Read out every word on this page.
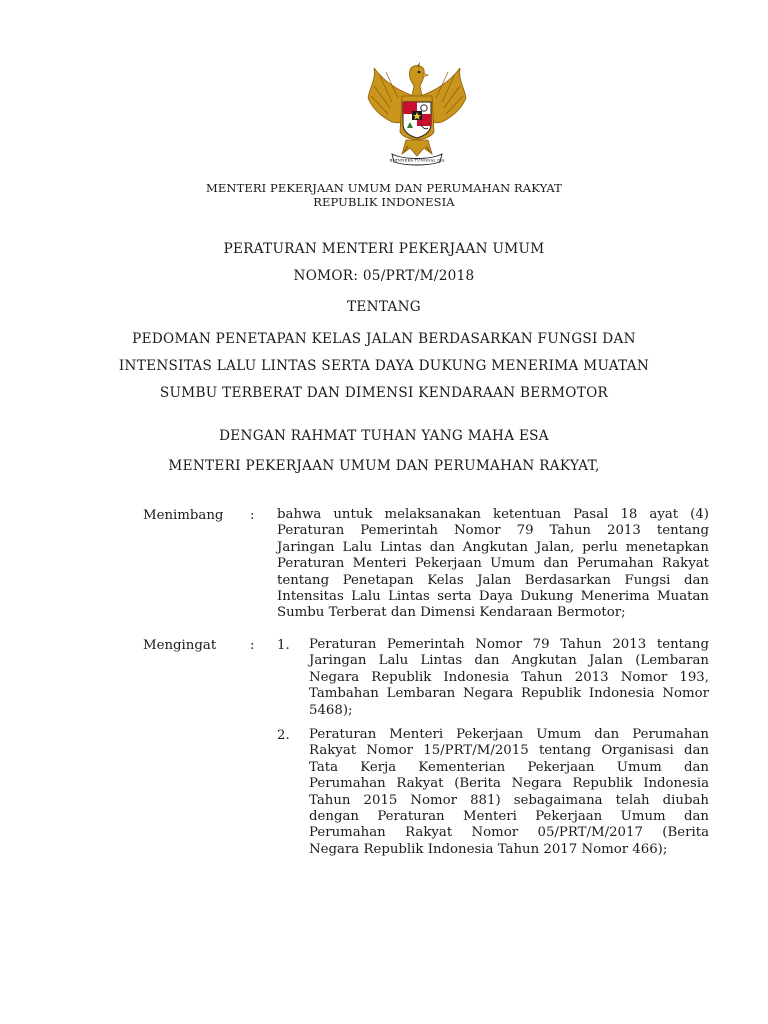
BHINNEKA TUNGGAL IKA
MENTERI PEKERJAAN UMUM DAN PERUMAHAN RAKYAT
REPUBLIK INDONESIA
PERATURAN MENTERI PEKERJAAN UMUM
NOMOR: 05/PRT/M/2018
TENTANG
PEDOMAN PENETAPAN KELAS JALAN BERDASARKAN FUNGSI DAN
INTENSITAS LALU LINTAS SERTA DAYA DUKUNG MENERIMA MUATAN
SUMBU TERBERAT DAN DIMENSI KENDARAAN BERMOTOR
DENGAN RAHMAT TUHAN YANG MAHA ESA
MENTERI PEKERJAAN UMUM DAN PERUMAHAN RAKYAT,
Menimbang : bahwa untuk melaksanakan ketentuan Pasal 18 ayat (4)
Peraturan Pemerintah Nomor 79 Tahun 2013 tentang
Jaringan Lalu Lintas dan Angkutan Jalan, perlu menetapkan
Peraturan Menteri Pekerjaan Umum dan Perumahan Rakyat
tentang Penetapan Kelas Jalan Berdasarkan Fungsi dan
Intensitas Lalu Lintas serta Daya Dukung Menerima Muatan
Sumbu Terberat dan Dimensi Kendaraan Bermotor;
Mengingat	: 1. Peraturan Pemerintah Nomor 79 Tahun 2013 tentang
Jaringan Lalu Lintas dan Angkutan Jalan (Lembaran
Negara Republik Indonesia Tahun 2013 Nomor 193,
Tambahan Lembaran Negara Republik Indonesia Nomor
5468);
2. Peraturan Menteri Pekerjaan Umum dan Perumahan
Rakyat Nomor 15/PRT/M/2015 tentang Organisasi dan
Tata Kerja Kementerian Pekerjaan Umum dan
Perumahan Rakyat (Berita Negara Republik Indonesia
Tahun 2015 Nomor 881) sebagaimana telah diubah
dengan Peraturan Menteri Pekerjaan Umum dan
Perumahan Rakyat Nomor 05/PRT/M/2017 (Berita
Negara Republik Indonesia Tahun 2017 Nomor 466);
